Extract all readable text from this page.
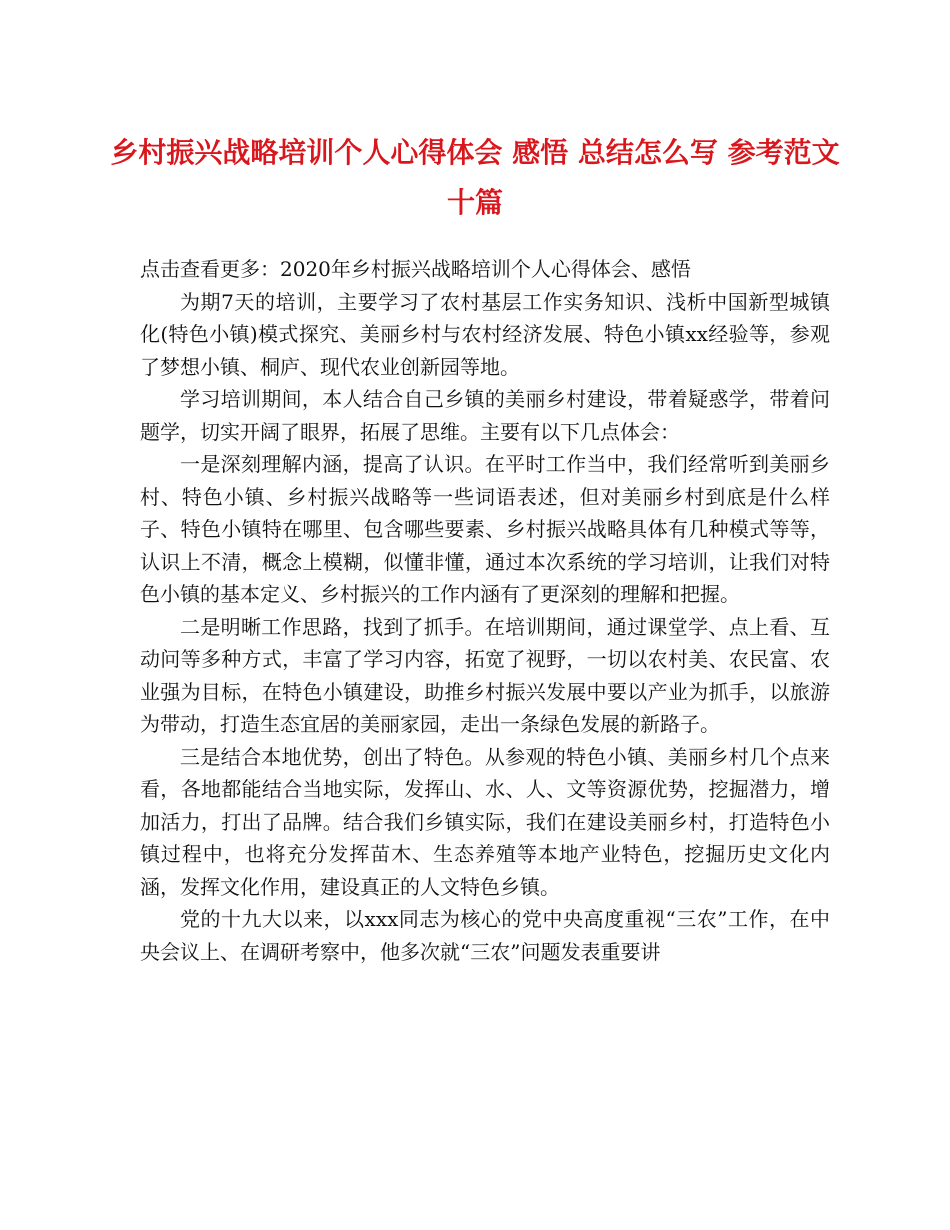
乡村振兴战略培训个人心得体会 感悟 总结怎么写 参考范文十篇

点击查看更多：2020年乡村振兴战略培训个人心得体会、感悟

为期7天的培训，主要学习了农村基层工作实务知识、浅析中国新型城镇化(特色小镇)模式探究、美丽乡村与农村经济发展、特色小镇xx经验等，参观了梦想小镇、桐庐、现代农业创新园等地。

学习培训期间，本人结合自己乡镇的美丽乡村建设，带着疑惑学，带着问题学，切实开阔了眼界，拓展了思维。主要有以下几点体会：

一是深刻理解内涵，提高了认识。在平时工作当中，我们经常听到美丽乡村、特色小镇、乡村振兴战略等一些词语表述，但对美丽乡村到底是什么样子、特色小镇特在哪里、包含哪些要素、乡村振兴战略具体有几种模式等等，认识上不清，概念上模糊，似懂非懂，通过本次系统的学习培训，让我们对特色小镇的基本定义、乡村振兴的工作内涵有了更深刻的理解和把握。

二是明晰工作思路，找到了抓手。在培训期间，通过课堂学、点上看、互动问等多种方式，丰富了学习内容，拓宽了视野，一切以农村美、农民富、农业强为目标，在特色小镇建设，助推乡村振兴发展中要以产业为抓手，以旅游为带动，打造生态宜居的美丽家园，走出一条绿色发展的新路子。

三是结合本地优势，创出了特色。从参观的特色小镇、美丽乡村几个点来看，各地都能结合当地实际，发挥山、水、人、文等资源优势，挖掘潜力，增加活力，打出了品牌。结合我们乡镇实际，我们在建设美丽乡村，打造特色小镇过程中，也将充分发挥苗木、生态养殖等本地产业特色，挖掘历史文化内涵，发挥文化作用，建设真正的人文特色乡镇。

党的十九大以来，以xxx同志为核心的党中央高度重视“三农”工作，在中央会议上、在调研考察中，他多次就“三农”问题发表重要讲
